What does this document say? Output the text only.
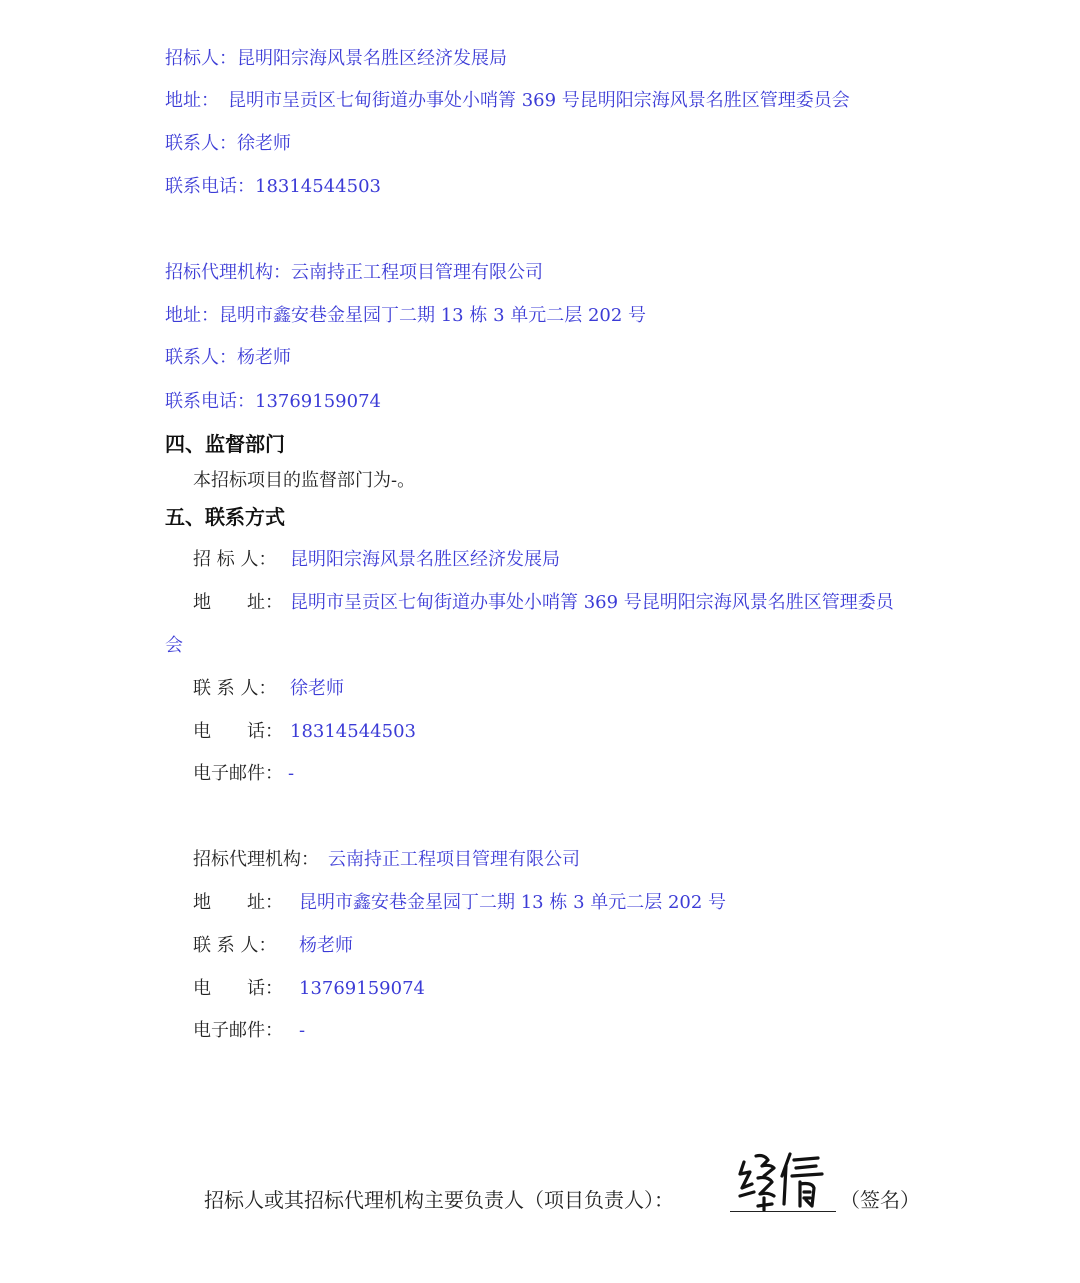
招标人：昆明阳宗海风景名胜区经济发展局
地址：　昆明市呈贡区七甸街道办事处小哨箐 369 号昆明阳宗海风景名胜区管理委员会
联系人：徐老师
联系电话：18314544503
招标代理机构：云南持正工程项目管理有限公司
地址：昆明市鑫安巷金星园丁二期 13 栋 3 单元二层 202 号
联系人：杨老师
联系电话：13769159074
四、监督部门
本招标项目的监督部门为-。
五、联系方式
招 标 人： 昆明阳宗海风景名胜区经济发展局
地　　址： 昆明市呈贡区七甸街道办事处小哨箐 369 号昆明阳宗海风景名胜区管理委员
会
联 系 人： 徐老师
电　　话： 18314544503
电子邮件： -
招标代理机构： 云南持正工程项目管理有限公司
地　　址： 昆明市鑫安巷金星园丁二期 13 栋 3 单元二层 202 号
联 系 人： 杨老师
电　　话： 13769159074
电子邮件： -
招标人或其招标代理机构主要负责人（项目负责人）：	（签名）
